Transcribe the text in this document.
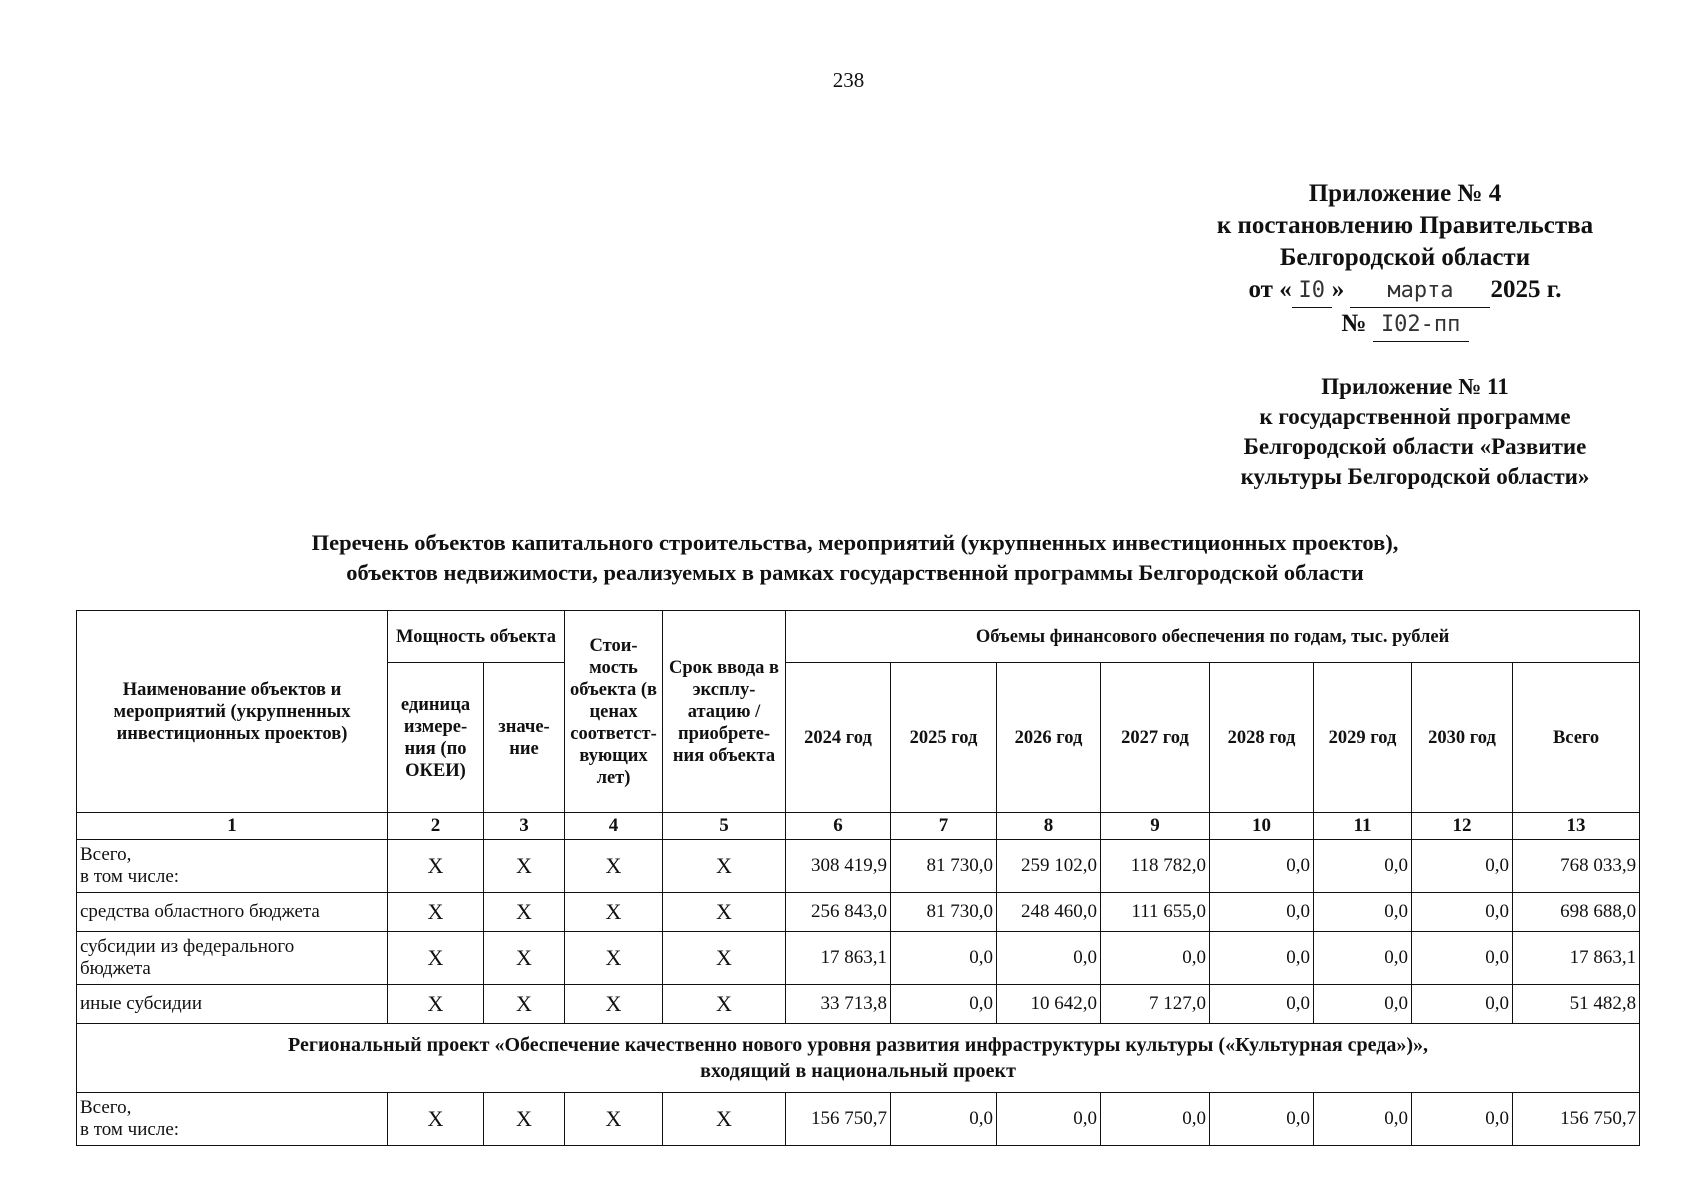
238
Приложение № 4
к постановлению Правительства
Белгородской области
от « I0 » марта 2025 г.
№ I02-пп
Приложение № 11
к государственной программе
Белгородской области «Развитие
культуры Белгородской области»
Перечень объектов капитального строительства, мероприятий (укрупненных инвестиционных проектов),
объектов недвижимости, реализуемых в рамках государственной программы Белгородской области
Наименование объектов и мероприятий (укрупненных инвестиционных проектов)	Мощность объекта		Стои-мость объекта (в ценах соответст-вующих лет)	Срок ввода в эксплу-атацию / приобрете-ния объекта	Объемы финансового обеспечения по годам, тыс. рублей							
	единица измере-ния (по ОКЕИ)	значе-ние			2024 год	2025 год	2026 год	2027 год	2028 год	2029 год	2030 год	Всего
1	2	3	4	5	6	7	8	9	10	11	12	13
Всего,
в том числе:	X	X	X	X	308 419,9	81 730,0	259 102,0	118 782,0	0,0	0,0	0,0	768 033,9
средства областного бюджета	X	X	X	X	256 843,0	81 730,0	248 460,0	111 655,0	0,0	0,0	0,0	698 688,0
субсидии из федерального
бюджета	X	X	X	X	17 863,1	0,0	0,0	0,0	0,0	0,0	0,0	17 863,1
иные субсидии	X	X	X	X	33 713,8	0,0	10 642,0	7 127,0	0,0	0,0	0,0	51 482,8

Региональный проект «Обеспечение качественно нового уровня развития инфраструктуры культуры («Культурная среда»)»,
входящий в национальный проект												

Всего,
в том числе:	X	X	X	X	156 750,7	0,0	0,0	0,0	0,0	0,0	0,0	156 750,7
